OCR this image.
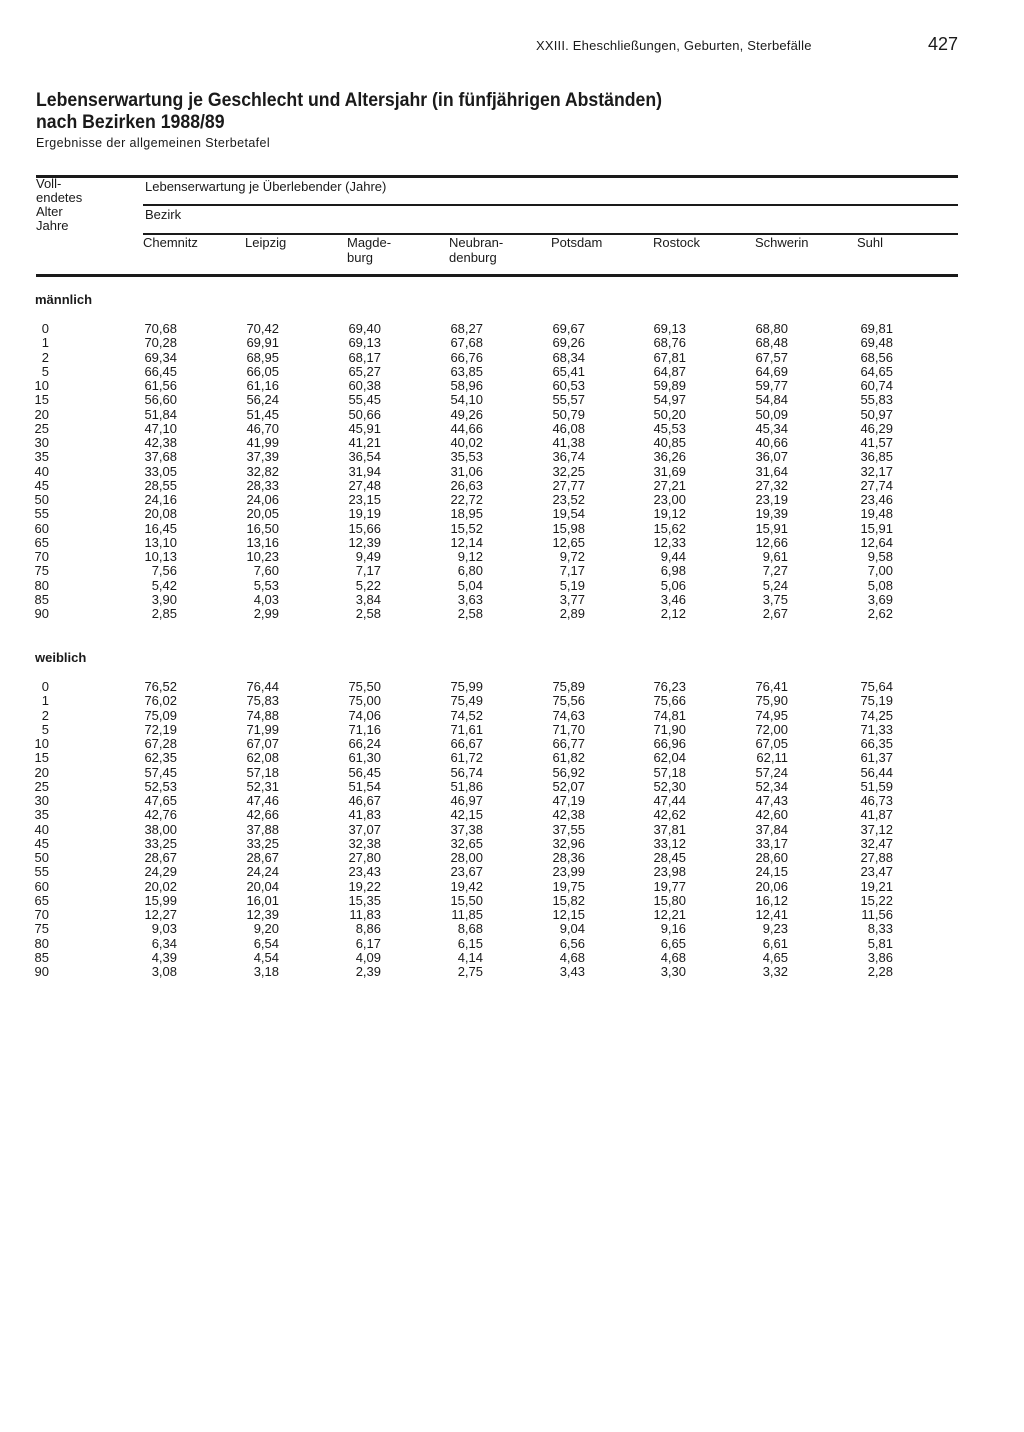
XXIII. Eheschließungen, Geburten, Sterbefälle	427
Lebenserwartung je Geschlecht und Altersjahr (in fünfjährigen Abständen)
nach Bezirken 1988/89
Ergebnisse der allgemeinen Sterbetafel
Voll-
endetes
Alter
Jahre
Lebenserwartung je Überlebender (Jahre)
Bezirk
Chemnitz	Leipzig	Magde-
burg
Neubran-
denburg
Potsdam	Rostock	Schwerin	Suhl
männlich
0	70,68	70,42	69,40	68,27	69,67	69,13	68,80	69,81
1	70,28	69,91	69,13	67,68	69,26	68,76	68,48	69,48
2	69,34	68,95	68,17	66,76	68,34	67,81	67,57	68,56
5	66,45	66,05	65,27	63,85	65,41	64,87	64,69	64,65
10	61,56	61,16	60,38	58,96	60,53	59,89	59,77	60,74
15	56,60	56,24	55,45	54,10	55,57	54,97	54,84	55,83
20	51,84	51,45	50,66	49,26	50,79	50,20	50,09	50,97
25	47,10	46,70	45,91	44,66	46,08	45,53	45,34	46,29
30	42,38	41,99	41,21	40,02	41,38	40,85	40,66	41,57
35	37,68	37,39	36,54	35,53	36,74	36,26	36,07	36,85
40	33,05	32,82	31,94	31,06	32,25	31,69	31,64	32,17
45	28,55	28,33	27,48	26,63	27,77	27,21	27,32	27,74
50	24,16	24,06	23,15	22,72	23,52	23,00	23,19	23,46
55	20,08	20,05	19,19	18,95	19,54	19,12	19,39	19,48
60	16,45	16,50	15,66	15,52	15,98	15,62	15,91	15,91
65	13,10	13,16	12,39	12,14	12,65	12,33	12,66	12,64
70	10,13	10,23	9,49	9,12	9,72	9,44	9,61	9,58
75	7,56	7,60	7,17	6,80	7,17	6,98	7,27	7,00
80	5,42	5,53	5,22	5,04	5,19	5,06	5,24	5,08
85	3,90	4,03	3,84	3,63	3,77	3,46	3,75	3,69
90	2,85	2,99	2,58	2,58	2,89	2,12	2,67	2,62
weiblich
0	76,52	76,44	75,50	75,99	75,89	76,23	76,41	75,64
1	76,02	75,83	75,00	75,49	75,56	75,66	75,90	75,19
2	75,09	74,88	74,06	74,52	74,63	74,81	74,95	74,25
5	72,19	71,99	71,16	71,61	71,70	71,90	72,00	71,33
10	67,28	67,07	66,24	66,67	66,77	66,96	67,05	66,35
15	62,35	62,08	61,30	61,72	61,82	62,04	62,11	61,37
20	57,45	57,18	56,45	56,74	56,92	57,18	57,24	56,44
25	52,53	52,31	51,54	51,86	52,07	52,30	52,34	51,59
30	47,65	47,46	46,67	46,97	47,19	47,44	47,43	46,73
35	42,76	42,66	41,83	42,15	42,38	42,62	42,60	41,87
40	38,00	37,88	37,07	37,38	37,55	37,81	37,84	37,12
45	33,25	33,25	32,38	32,65	32,96	33,12	33,17	32,47
50	28,67	28,67	27,80	28,00	28,36	28,45	28,60	27,88
55	24,29	24,24	23,43	23,67	23,99	23,98	24,15	23,47
60	20,02	20,04	19,22	19,42	19,75	19,77	20,06	19,21
65	15,99	16,01	15,35	15,50	15,82	15,80	16,12	15,22
70	12,27	12,39	11,83	11,85	12,15	12,21	12,41	11,56
75	9,03	9,20	8,86	8,68	9,04	9,16	9,23	8,33
80	6,34	6,54	6,17	6,15	6,56	6,65	6,61	5,81
85	4,39	4,54	4,09	4,14	4,68	4,68	4,65	3,86
90	3,08	3,18	2,39	2,75	3,43	3,30	3,32	2,28
